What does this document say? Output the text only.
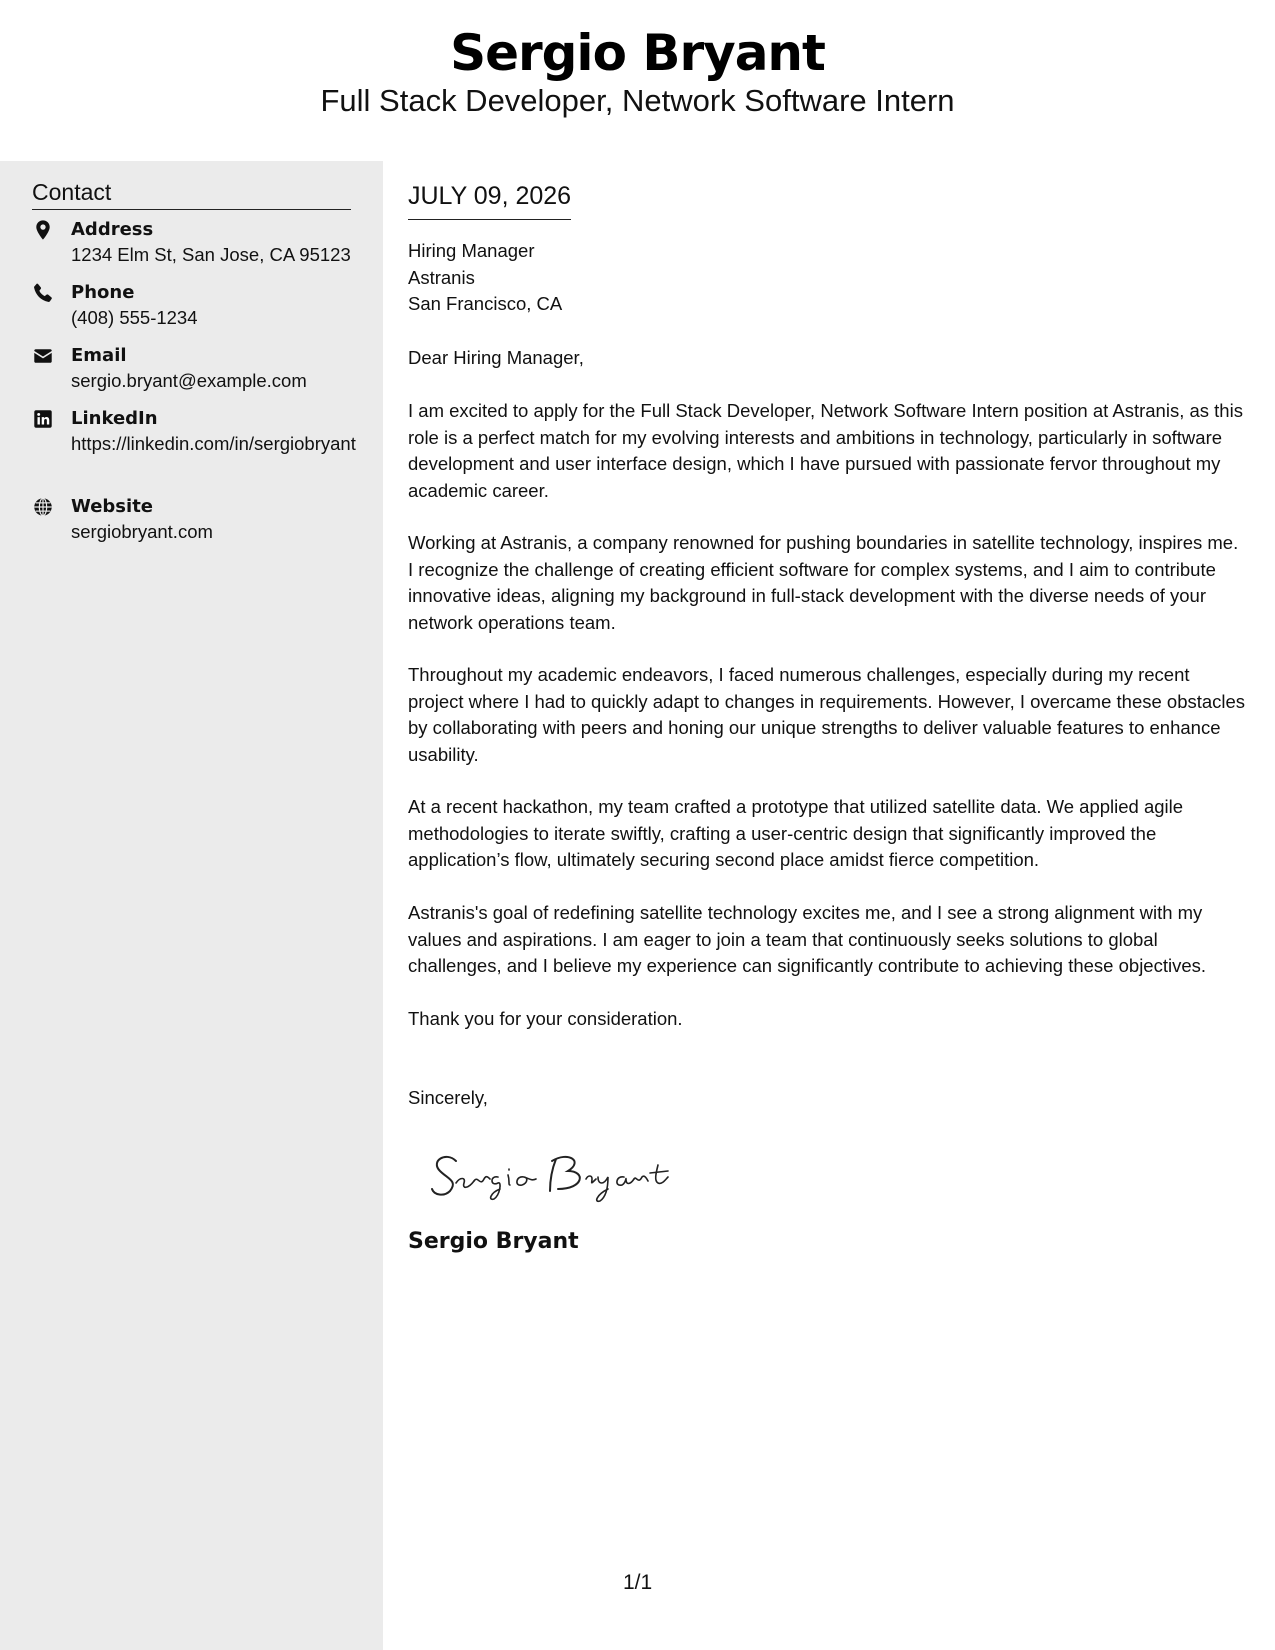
Sergio Bryant
Full Stack Developer, Network Software Intern
Contact
Address
1234 Elm St, San Jose, CA 95123
Phone
(408) 555-1234
Email
sergio.bryant@example.com
LinkedIn
https://linkedin.com/in/sergiobryant
Website
sergiobryant.com
JULY 09, 2026
Hiring Manager
Astranis
San Francisco, CA
Dear Hiring Manager,
I am excited to apply for the Full Stack Developer, Network Software Intern position at Astranis, as this role is a perfect match for my evolving interests and ambitions in technology, particularly in software development and user interface design, which I have pursued with passionate fervor throughout my academic career.
Working at Astranis, a company renowned for pushing boundaries in satellite technology, inspires me. I recognize the challenge of creating efficient software for complex systems, and I aim to contribute innovative ideas, aligning my background in full-stack development with the diverse needs of your network operations team.
Throughout my academic endeavors, I faced numerous challenges, especially during my recent project where I had to quickly adapt to changes in requirements. However, I overcame these obstacles by collaborating with peers and honing our unique strengths to deliver valuable features to enhance usability.
At a recent hackathon, my team crafted a prototype that utilized satellite data. We applied agile methodologies to iterate swiftly, crafting a user-centric design that significantly improved the application’s flow, ultimately securing second place amidst fierce competition.
Astranis's goal of redefining satellite technology excites me, and I see a strong alignment with my values and aspirations. I am eager to join a team that continuously seeks solutions to global challenges, and I believe my experience can significantly contribute to achieving these objectives.
Thank you for your consideration.
Sincerely,
Sergio Bryant
1/1
